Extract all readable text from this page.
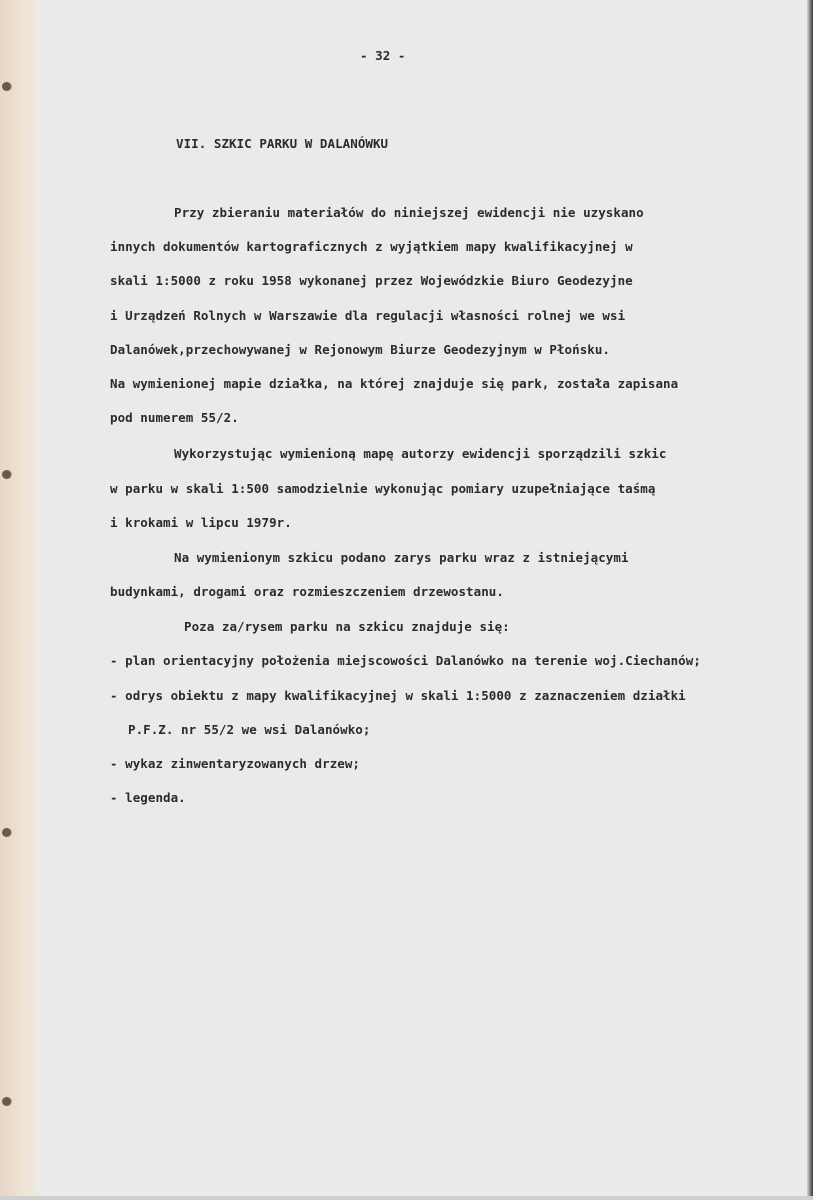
- 32 -

VII. SZKIC PARKU W DALANÓWKU

Przy zbieraniu materiałów do niniejszej ewidencji nie uzyskano

innych dokumentów kartograficznych z wyjątkiem mapy kwalifikacyjnej w

skali 1:5000 z roku 1958 wykonanej przez Wojewódzkie Biuro Geodezyjne

i Urządzeń Rolnych w Warszawie dla regulacji własności rolnej we wsi

Dalanówek,przechowywanej w Rejonowym Biurze Geodezyjnym w Płońsku.

Na wymienionej mapie działka, na której znajduje się park, została zapisana

pod numerem 55/2.

Wykorzystując wymienioną mapę autorzy ewidencji sporządzili szkic

w parku w skali 1:500 samodzielnie wykonując pomiary uzupełniające taśmą

i krokami w lipcu 1979r.

Na wymienionym szkicu podano zarys parku wraz z istniejącymi

budynkami, drogami oraz rozmieszczeniem drzewostanu.

Poza za/rysem parku na szkicu znajduje się:

- plan orientacyjny położenia miejscowości Dalanówko na terenie woj.Ciechanów;

- odrys obiektu z mapy kwalifikacyjnej w skali 1:5000 z zaznaczeniem działki

P.F.Z. nr 55/2 we wsi Dalanówko;

- wykaz zinwentaryzowanych drzew;

- legenda.
